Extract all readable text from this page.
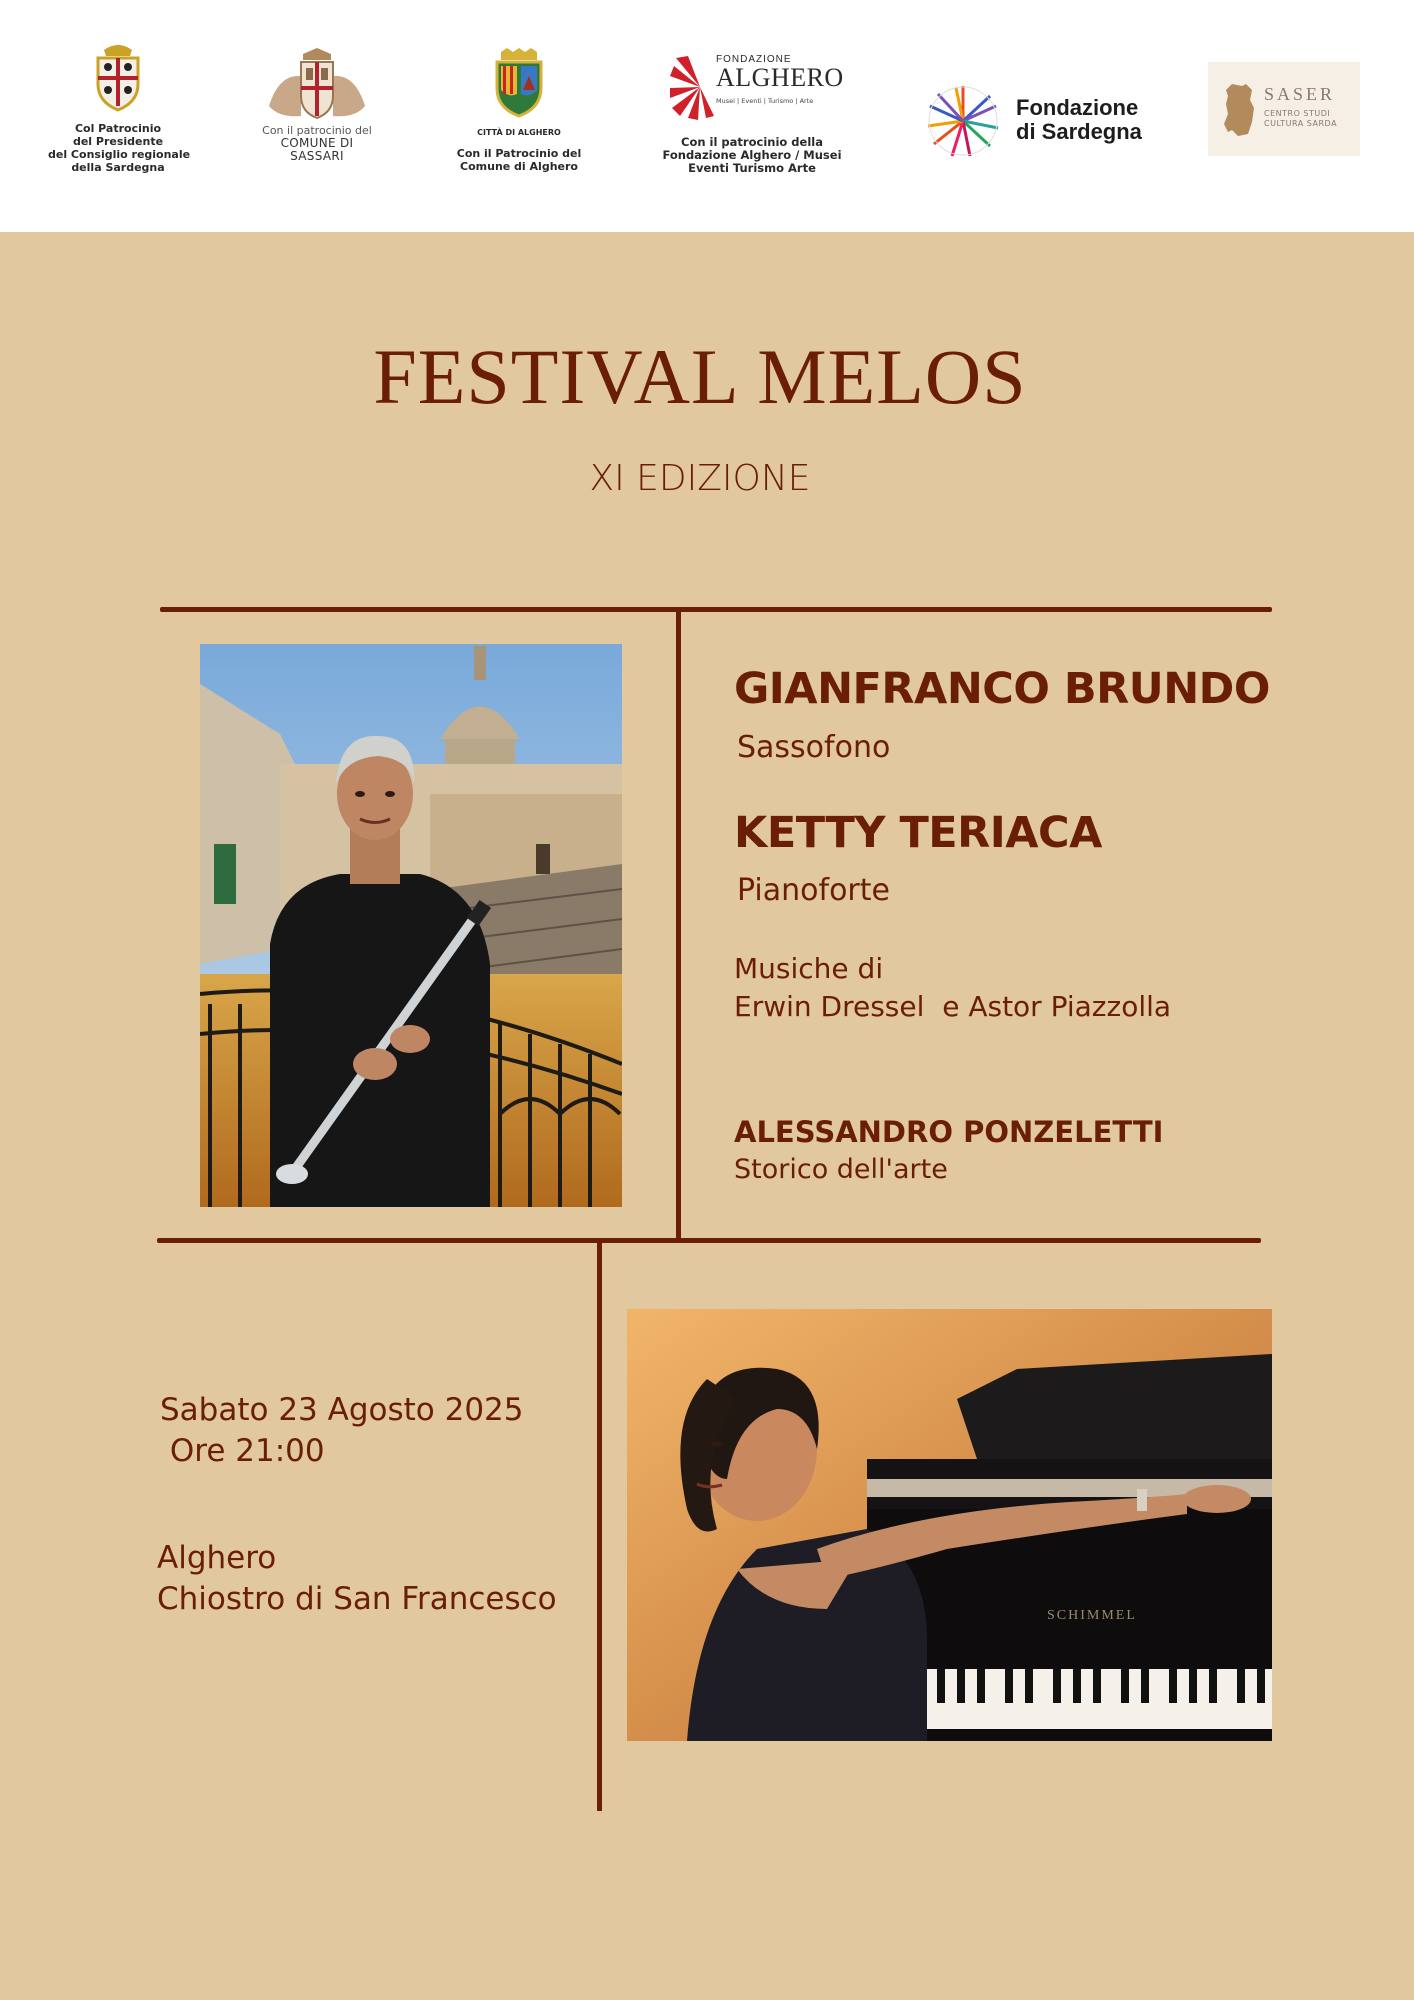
Col Patrocinio
del Presidente
del Consiglio regionale
della Sardegna
Con il patrocinio del
COMUNE DI SASSARI
CITTÀ DI ALGHERO
Con il Patrocinio del
Comune di Alghero
FONDAZIONE
ALGHERO
Musei | Eventi | Turismo | Arte
Con il patrocinio della
Fondazione Alghero / Musei
Eventi Turismo Arte
Fondazione
di Sardegna
SASER
CENTRO STUDI
CULTURA SARDA
FESTIVAL MELOS
XI EDIZIONE
GIANFRANCO BRUNDO
Sassofono
KETTY TERIACA
Pianoforte
Musiche di
Erwin Dressel  e Astor Piazzolla
ALESSANDRO PONZELETTI
Storico dell'arte
Sabato 23 Agosto 2025
Ore 21:00
Alghero
Chiostro di San Francesco	SCHIMMEL
